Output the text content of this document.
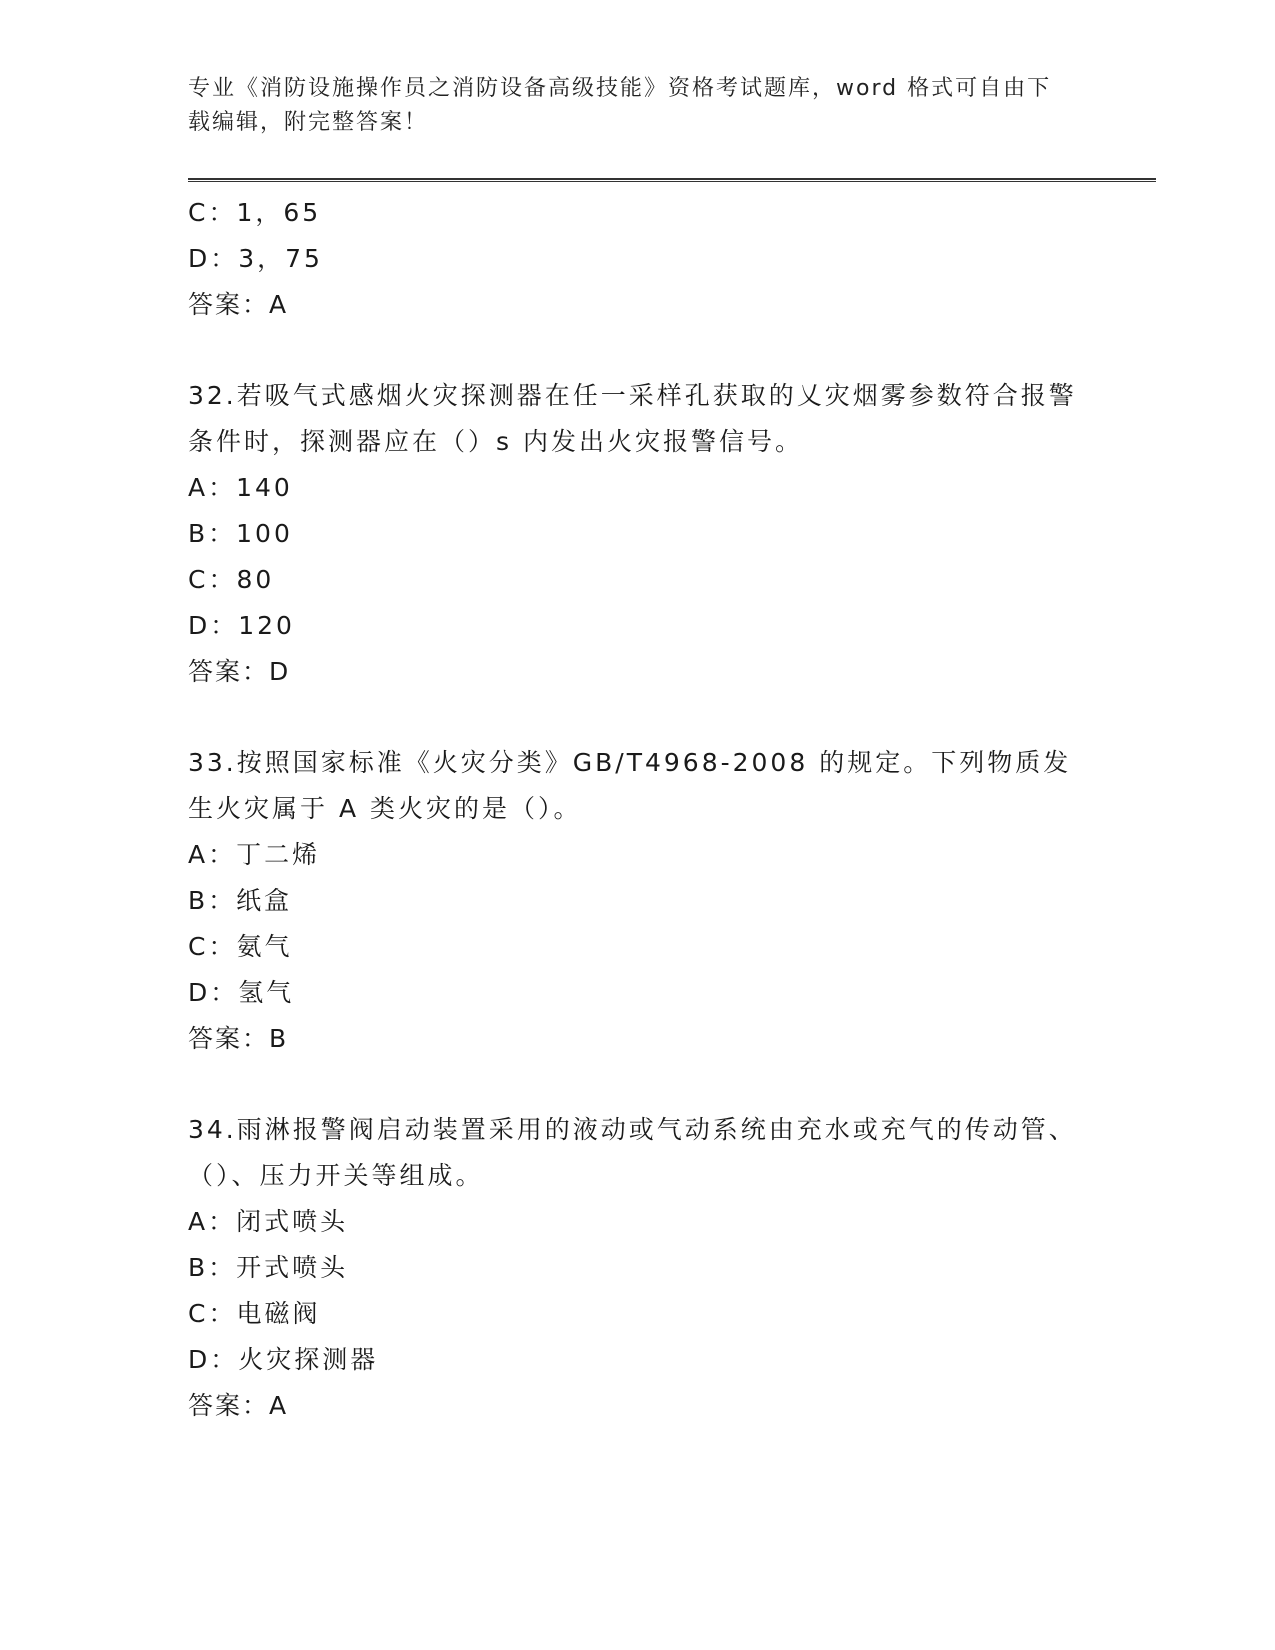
专业《消防设施操作员之消防设备高级技能》资格考试题库，word 格式可自由下载编辑，附完整答案！
C：1，65
D：3，75
答案：A
32.若吸气式感烟火灾探测器在任一采样孔获取的乂灾烟雾参数符合报警条件时，探测器应在（）s 内发出火灾报警信号。
A：140
B：100
C：80
D：120
答案：D
33.按照国家标准《火灾分类》GB/T4968-2008 的规定。下列物质发生火灾属于 A 类火灾的是（）。
A：丁二烯
B：纸盒
C：氨气
D：氢气
答案：B
34.雨淋报警阀启动装置采用的液动或气动系统由充水或充气的传动管、（）、压力开关等组成。
A：闭式喷头
B：开式喷头
C：电磁阀
D：火灾探测器
答案：A
